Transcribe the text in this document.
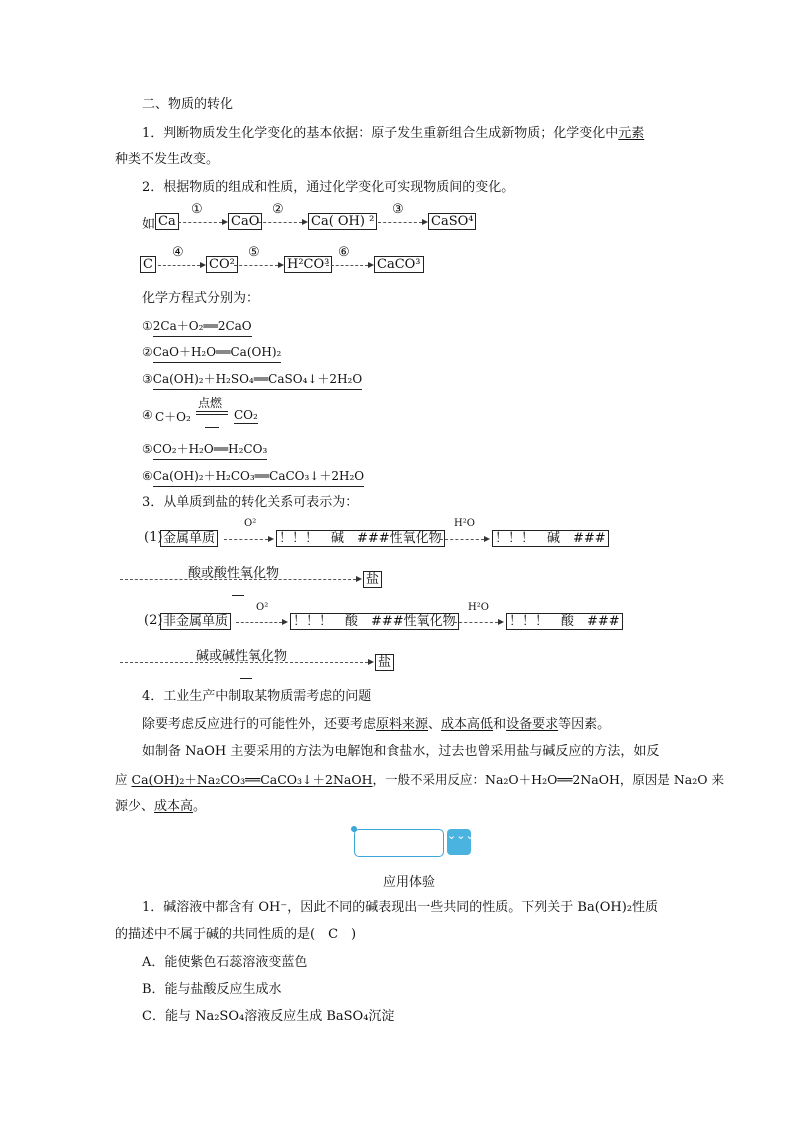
二、物质的转化
1．判断物质发生化学变化的基本依据：原子发生重新组合生成新物质；化学变化中元素
种类不发生改变。
2．根据物质的组成和性质，通过化学变化可实现物质间的变化。
如 Ca
①
CaO
②
Ca( OH) ²
③
CaSO⁴
C
④
CO²
⑤
H²CO³
⑥
CaCO³
化学方程式分别为：
①2Ca＋O₂══2CaO
②CaO＋H₂O══Ca(OH)₂
③Ca(OH)₂＋H₂SO₄══CaSO₄↓＋2H₂O
④ C＋O₂
点燃
CO₂
⑤CO₂＋H₂O══H₂CO₃
⑥Ca(OH)₂＋H₂CO₃══CaCO₃↓＋2H₂O
3．从单质到盐的转化关系可表示为：
(1) 金属单质
O²
！！！　碱　###性氧化物
H²O
！！！　碱　###
酸或酸性氧化物	盐
(2) 非金属单质
O²
！！！　酸　###性氧化物
H²O
！！！　酸　###
碱或碱性氧化物	盐
4．工业生产中制取某物质需考虑的问题
除要考虑反应进行的可能性外，还要考虑原料来源、成本高低和设备要求等因素。
如制备 NaOH 主要采用的方法为电解饱和食盐水，过去也曾采用盐与碱反应的方法，如反
应 Ca(OH)₂＋Na₂CO₃══CaCO₃↓＋2NaOH，一般不采用反应：Na₂O＋H₂O══2NaOH，原因是 Na₂O 来
源少、成本高。
⌄⌄⌄
应用体验
1．碱溶液中都含有 OH⁻，因此不同的碱表现出一些共同的性质。下列关于 Ba(OH)₂性质
的描述中不属于碱的共同性质的是(　C　)
A．能使紫色石蕊溶液变蓝色
B．能与盐酸反应生成水
C．能与 Na₂SO₄溶液反应生成 BaSO₄沉淀
